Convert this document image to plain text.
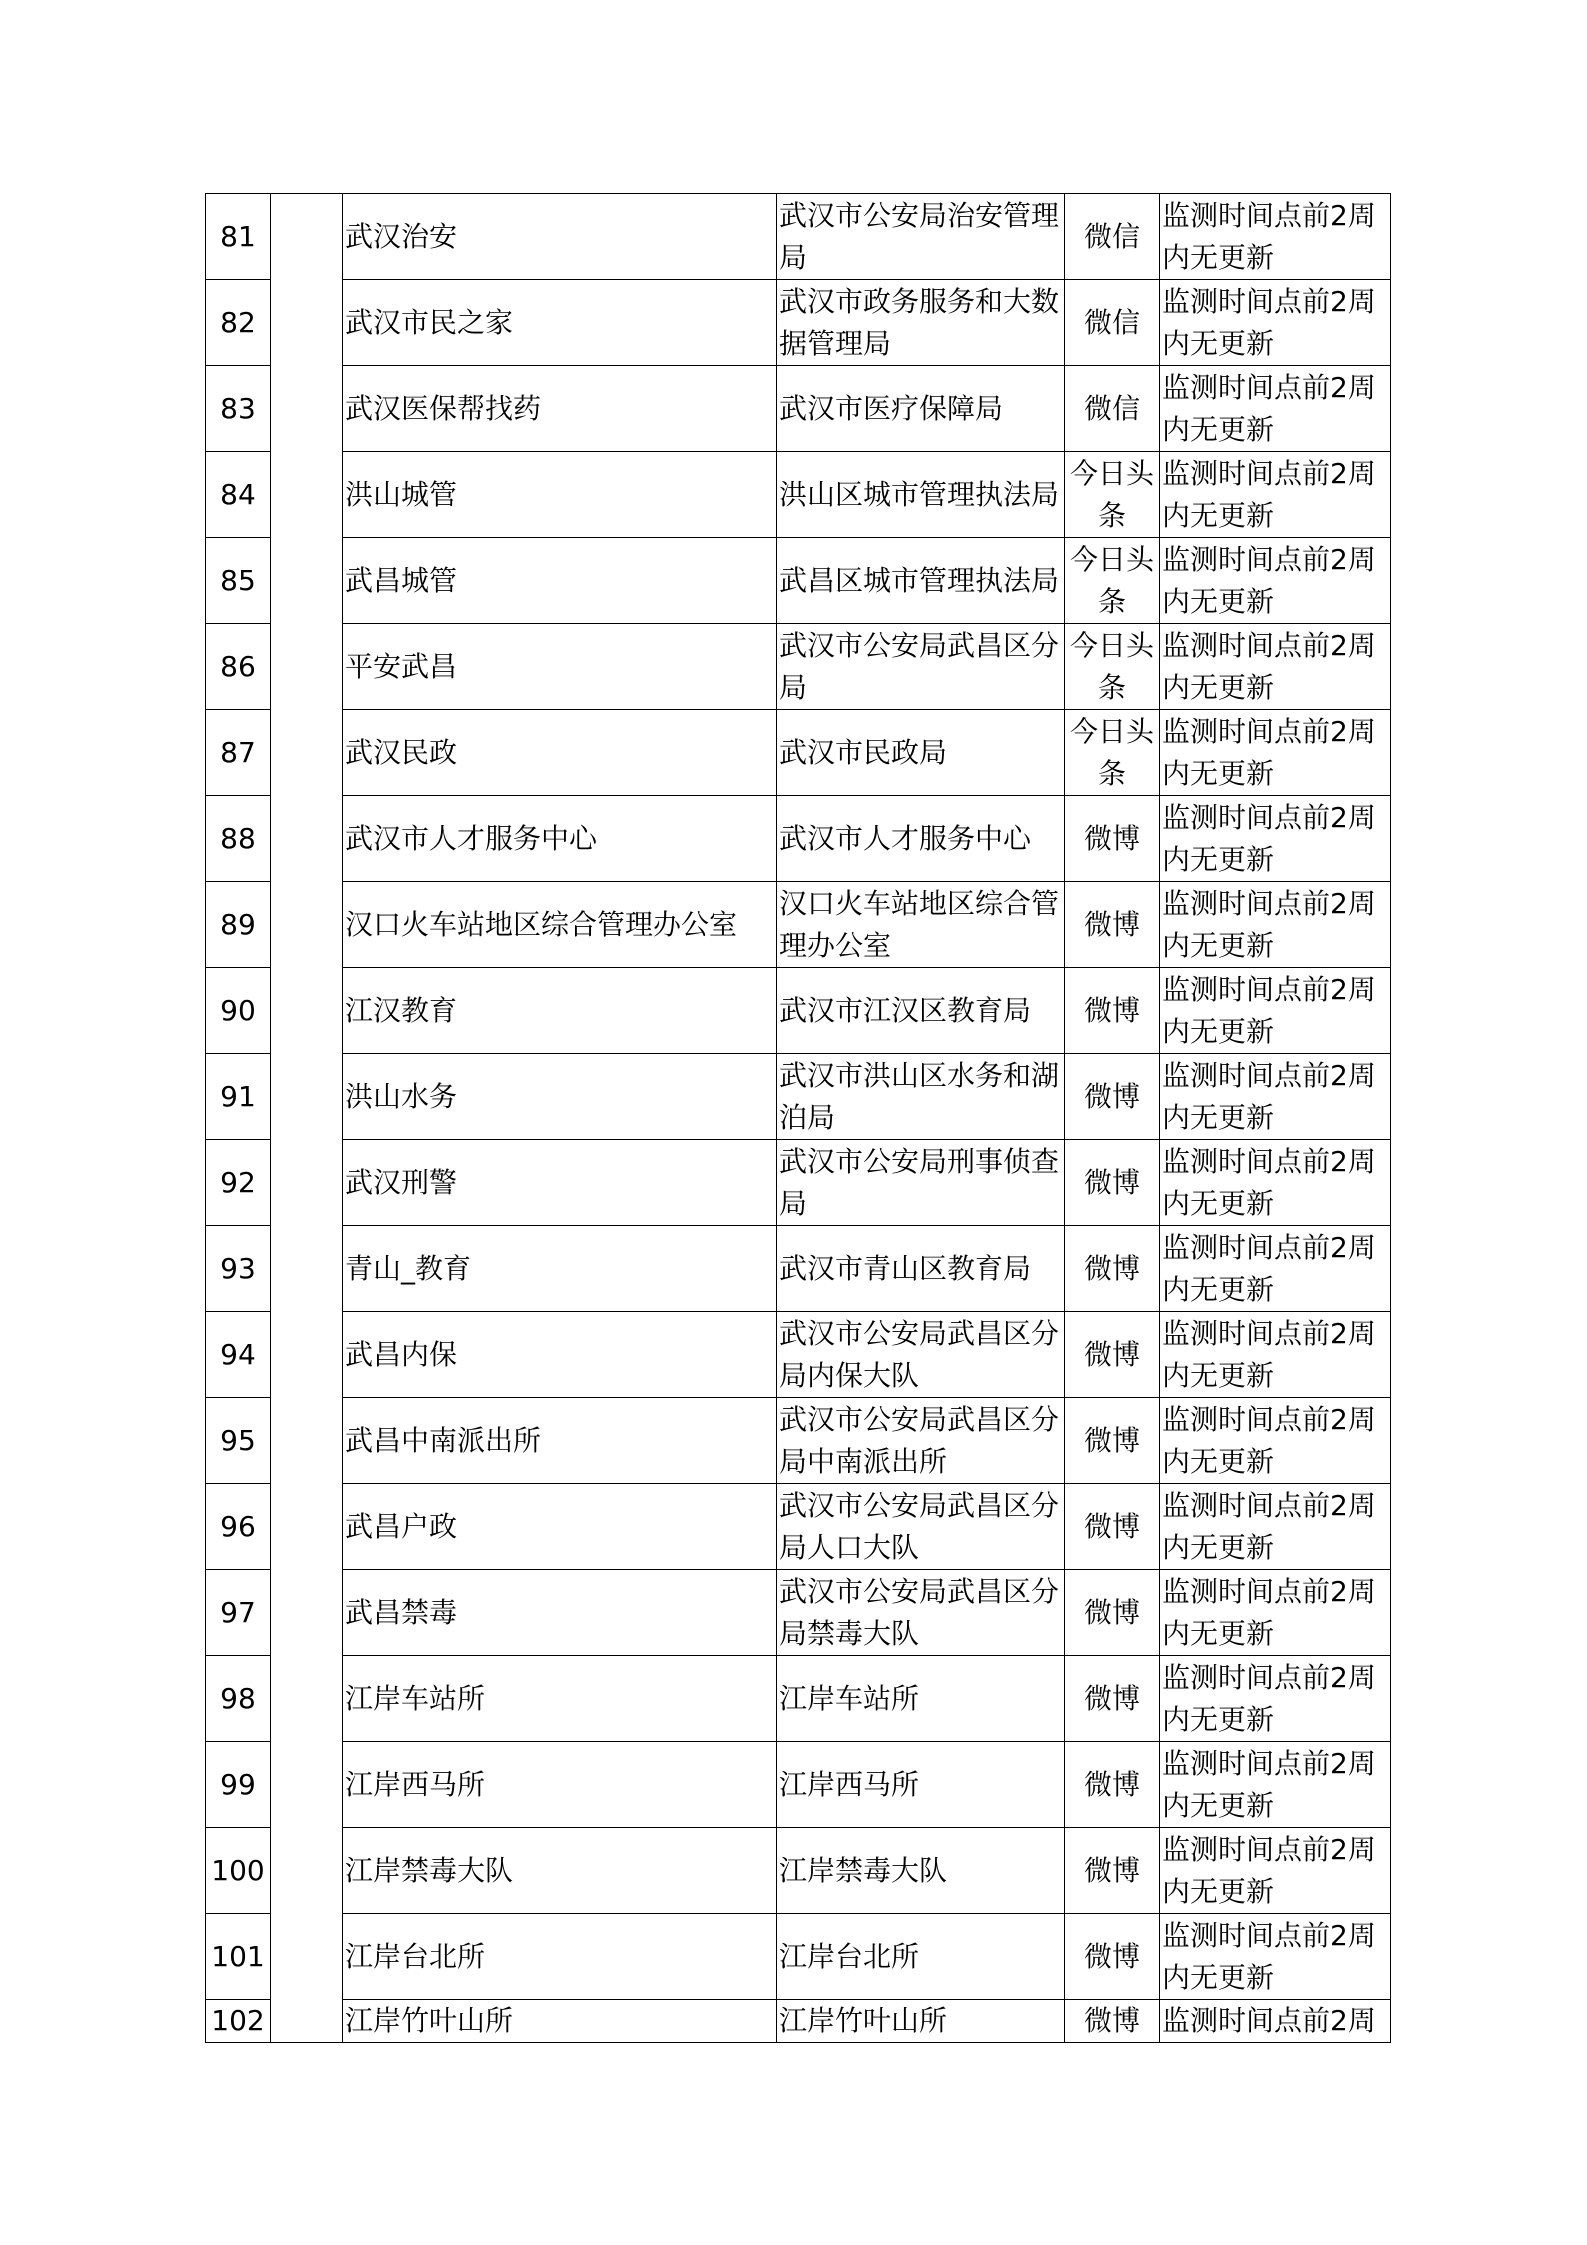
81		武汉治安	武汉市公安局治安管理局	微信	监测时间点前2周内无更新

82		武汉市民之家	武汉市政务服务和大数据管理局	微信	监测时间点前2周内无更新

83		武汉医保帮找药	武汉市医疗保障局	微信	监测时间点前2周内无更新

84		洪山城管	洪山区城市管理执法局	今日头条	监测时间点前2周内无更新

85		武昌城管	武昌区城市管理执法局	今日头条	监测时间点前2周内无更新

86		平安武昌	武汉市公安局武昌区分局	今日头条	监测时间点前2周内无更新

87		武汉民政	武汉市民政局	今日头条	监测时间点前2周内无更新

88		武汉市人才服务中心	武汉市人才服务中心	微博	监测时间点前2周内无更新

89		汉口火车站地区综合管理办公室	汉口火车站地区综合管理办公室	微博	监测时间点前2周内无更新

90		江汉教育	武汉市江汉区教育局	微博	监测时间点前2周内无更新

91		洪山水务	武汉市洪山区水务和湖泊局	微博	监测时间点前2周内无更新

92		武汉刑警	武汉市公安局刑事侦查局	微博	监测时间点前2周内无更新

93		青山_教育	武汉市青山区教育局	微博	监测时间点前2周内无更新

94		武昌内保	武汉市公安局武昌区分局内保大队	微博	监测时间点前2周内无更新

95		武昌中南派出所	武汉市公安局武昌区分局中南派出所	微博	监测时间点前2周内无更新

96		武昌户政	武汉市公安局武昌区分局人口大队	微博	监测时间点前2周内无更新

97		武昌禁毒	武汉市公安局武昌区分局禁毒大队	微博	监测时间点前2周内无更新

98		江岸车站所	江岸车站所	微博	监测时间点前2周内无更新

99		江岸西马所	江岸西马所	微博	监测时间点前2周内无更新

100		江岸禁毒大队	江岸禁毒大队	微博	监测时间点前2周内无更新

101		江岸台北所	江岸台北所	微博	监测时间点前2周内无更新

102		江岸竹叶山所	江岸竹叶山所	微博	监测时间点前2周
